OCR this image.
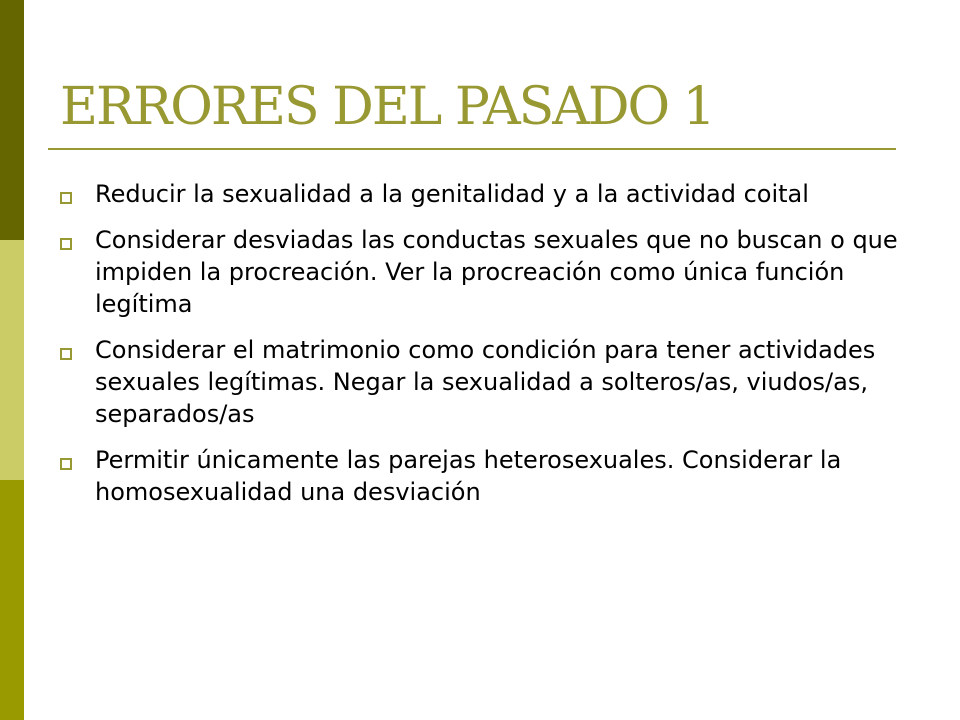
ERRORES DEL PASADO 1
Reducir la sexualidad a la genitalidad y a la actividad coital
Considerar desviadas las conductas sexuales que no buscan o que impiden la procreación. Ver la procreación como única función legítima
Considerar el matrimonio como condición para tener actividades sexuales legítimas. Negar la sexualidad a solteros/as, viudos/as, separados/as
Permitir únicamente las parejas heterosexuales. Considerar la homosexualidad una desviación
